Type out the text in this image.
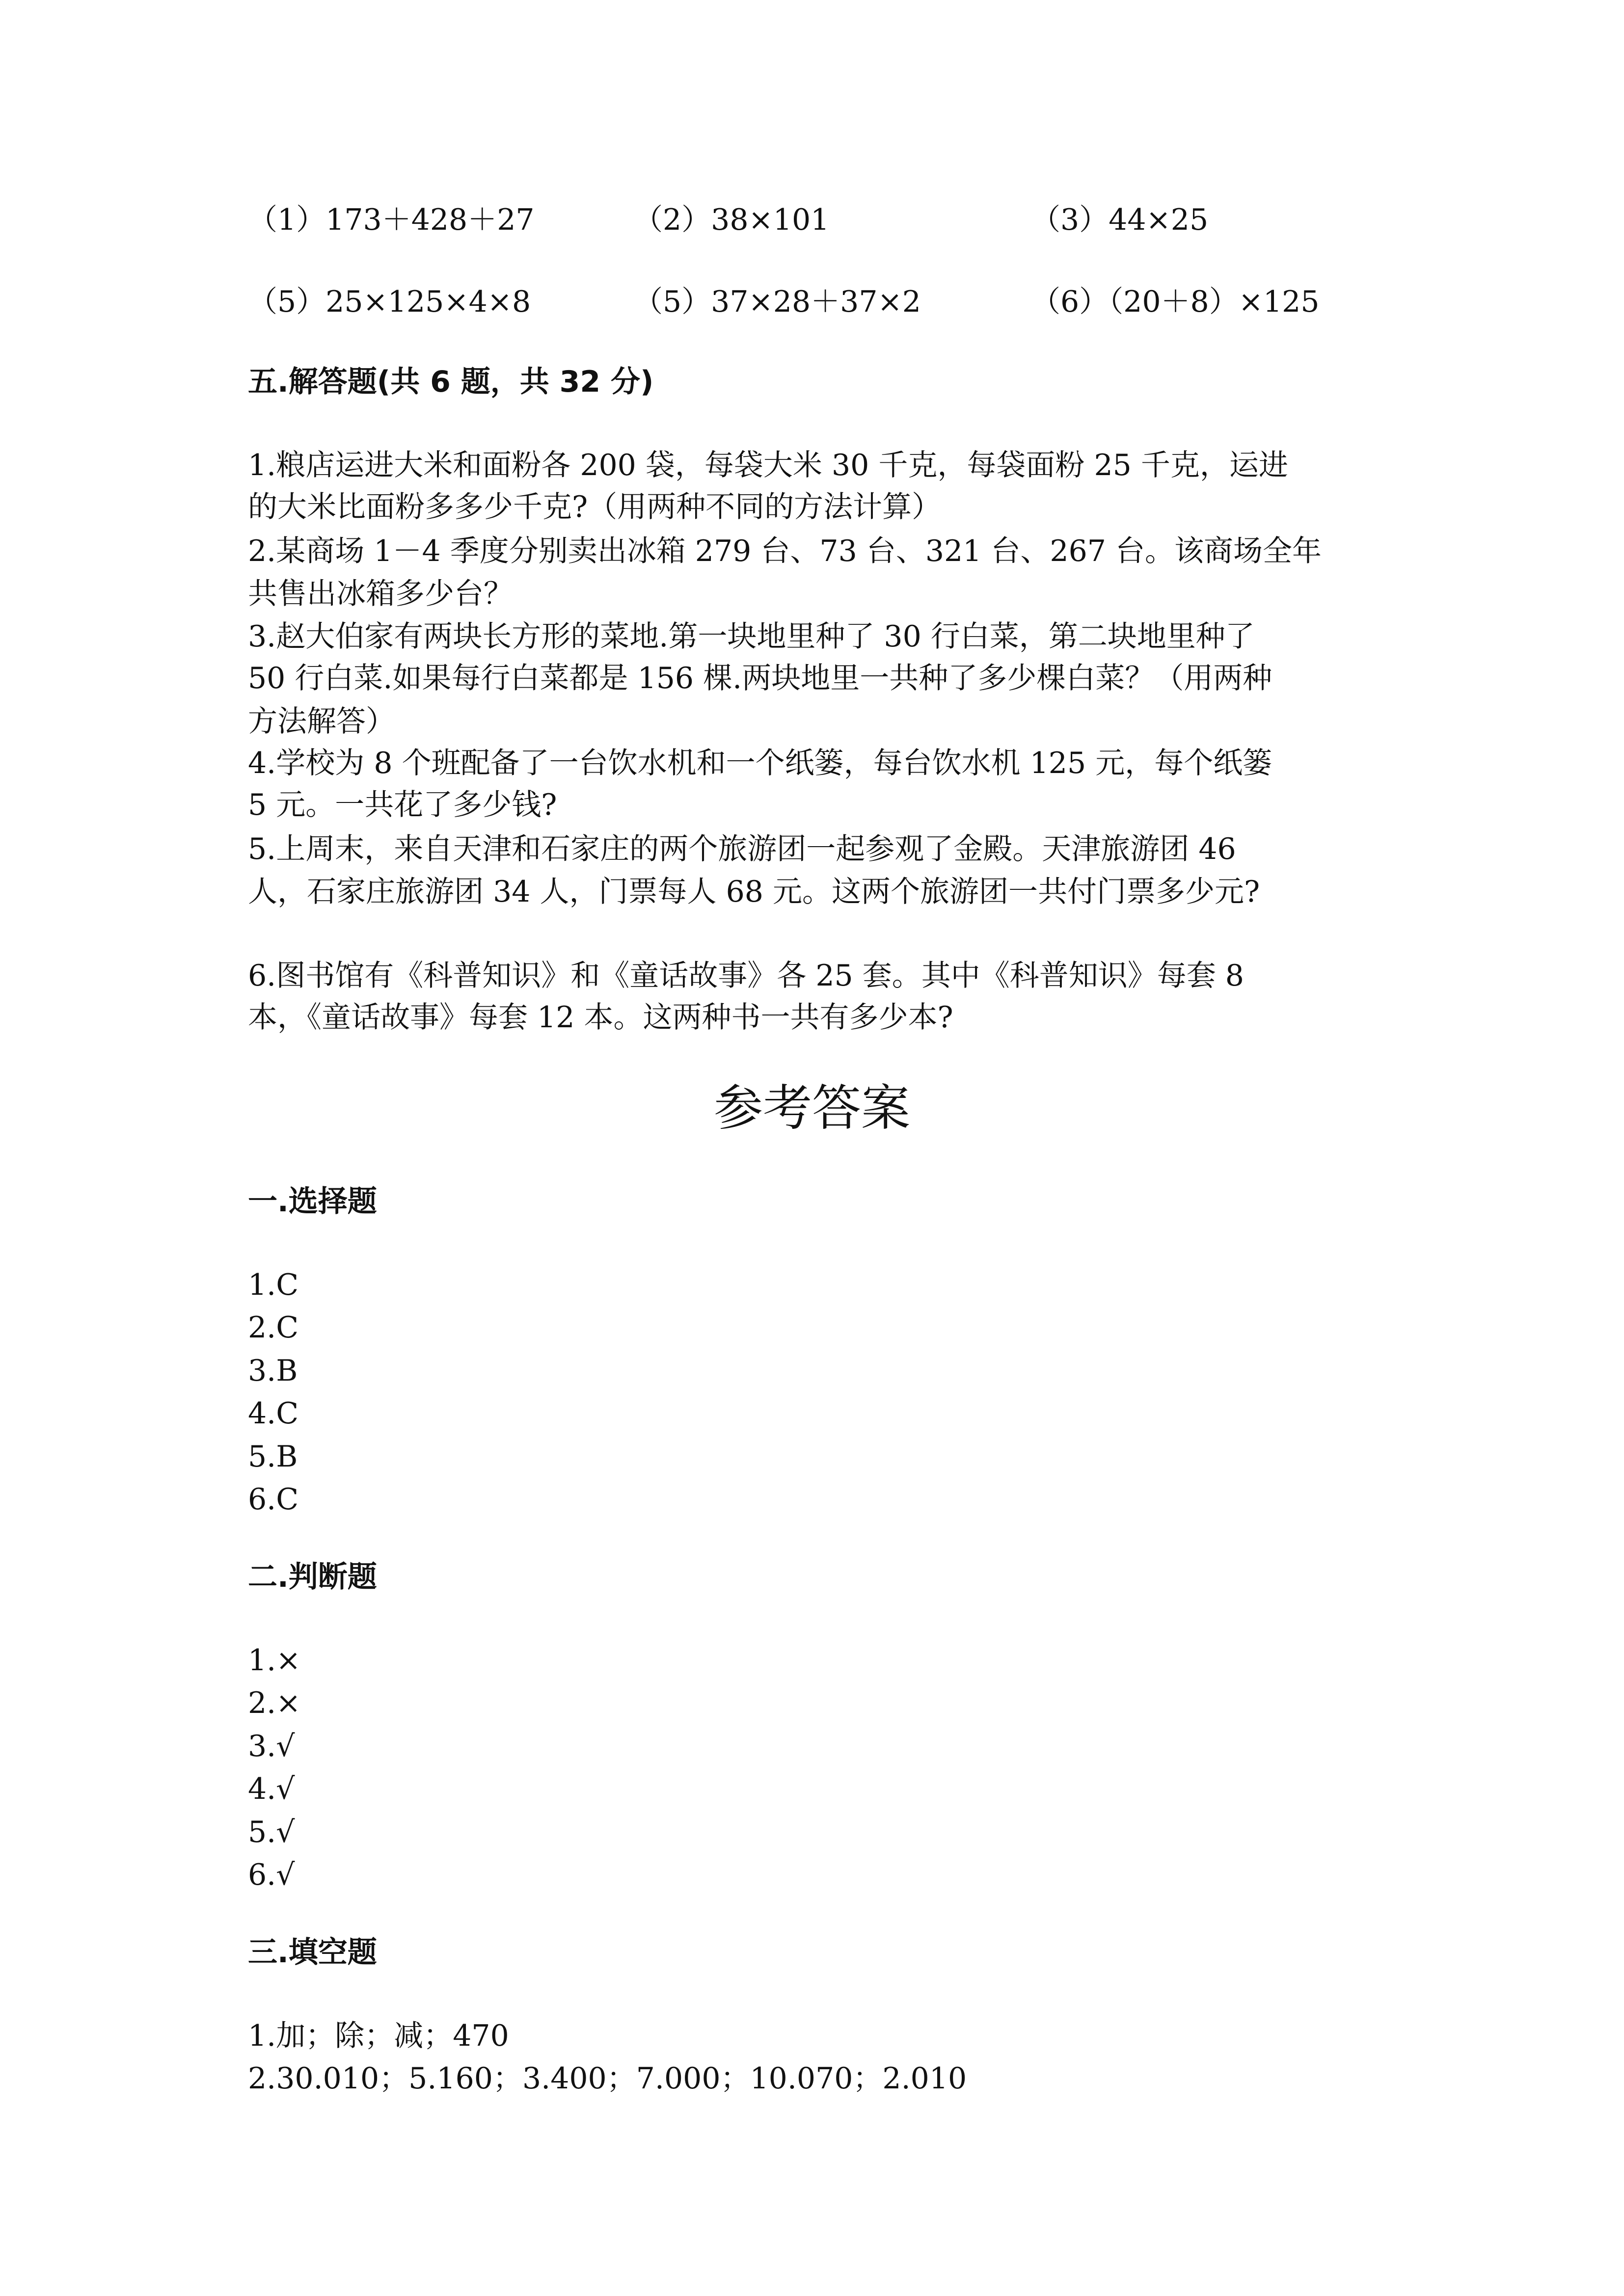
（1）173＋428＋27	（2）38×101	（3）44×25
（5）25×125×4×8	（5）37×28＋37×2	（6）（20＋8）×125
五.解答题(共 6 题，共 32 分)
1.粮店运进大米和面粉各 200 袋，每袋大米 30 千克，每袋面粉 25 千克，运进
的大米比面粉多多少千克?（用两种不同的方法计算）
2.某商场 1－4 季度分别卖出冰箱 279 台、73 台、321 台、267 台。该商场全年
共售出冰箱多少台？
3.赵大伯家有两块长方形的菜地.第一块地里种了 30 行白菜，第二块地里种了
50 行白菜.如果每行白菜都是 156 棵.两块地里一共种了多少棵白菜？（用两种
方法解答）
4.学校为 8 个班配备了一台饮水机和一个纸篓，每台饮水机 125 元，每个纸篓
5 元。一共花了多少钱?
5.上周末，来自天津和石家庄的两个旅游团一起参观了金殿。天津旅游团 46
人，石家庄旅游团 34 人，门票每人 68 元。这两个旅游团一共付门票多少元?
6.图书馆有《科普知识》和《童话故事》各 25 套。其中《科普知识》每套 8
本，《童话故事》每套 12 本。这两种书一共有多少本?
参考答案
一.选择题
1.C
2.C
3.B
4.C
5.B
6.C
二.判断题
1.×
2.×
3.√
4.√
5.√
6.√
三.填空题
1.加；除；减；470
2.30.010；5.160；3.400；7.000；10.070；2.010
